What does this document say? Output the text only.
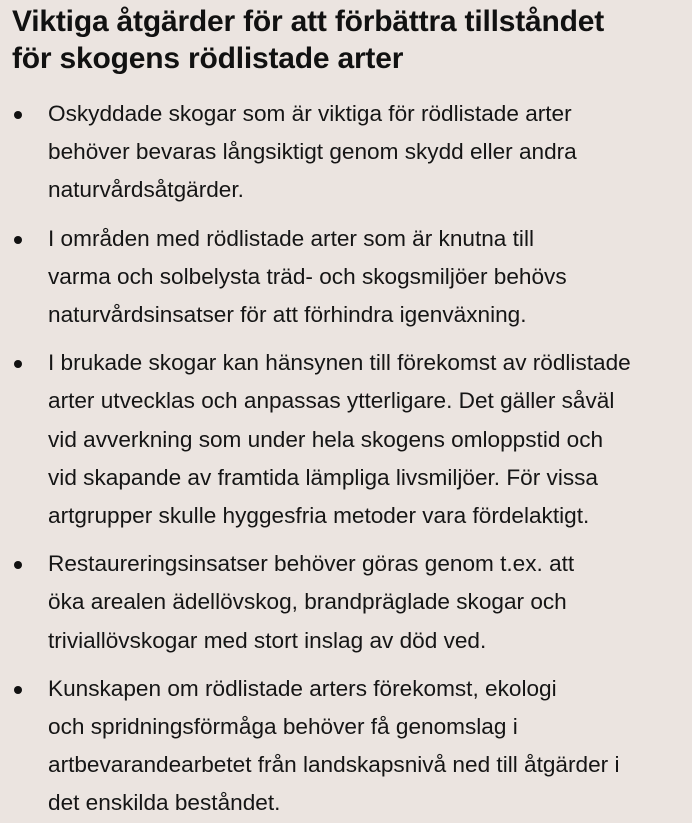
Viktiga åtgärder för att förbättra tillståndet
för skogens rödlistade arter
Oskyddade skogar som är viktiga för rödlistade arter
behöver bevaras långsiktigt genom skydd eller andra
naturvårdsåtgärder.
I områden med rödlistade arter som är knutna till
varma och solbelysta träd- och skogsmiljöer behövs
naturvårdsinsatser för att förhindra igenväxning.
I brukade skogar kan hänsynen till förekomst av rödlistade
arter utvecklas och anpassas ytterligare. Det gäller såväl
vid avverkning som under hela skogens omloppstid och
vid skapande av framtida lämpliga livsmiljöer. För vissa
artgrupper skulle hyggesfria metoder vara fördelaktigt.
Restaureringsinsatser behöver göras genom t.ex. att
öka arealen ädellövskog, brandpräglade skogar och
triviallövskogar med stort inslag av död ved.
Kunskapen om rödlistade arters förekomst, ekologi
och spridningsförmåga behöver få genomslag i
artbevarandearbetet från landskapsnivå ned till åtgärder i
det enskilda beståndet.
